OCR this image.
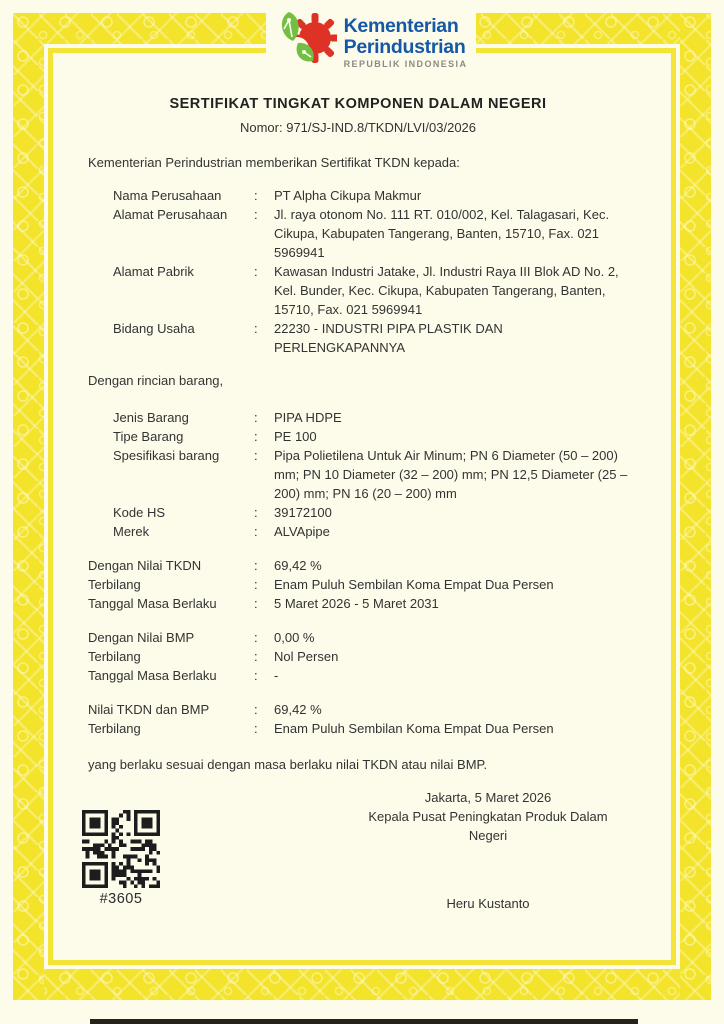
Kementerian
Perindustrian
REPUBLIK INDONESIA
SERTIFIKAT TINGKAT KOMPONEN DALAM NEGERI
Nomor: 971/SJ-IND.8/TKDN/LVI/03/2026
Kementerian Perindustrian memberikan Sertifikat TKDN kepada:
Nama Perusahaan	:	PT Alpha Cikupa Makmur
Alamat Perusahaan	:	Jl. raya otonom No. 111 RT. 010/002, Kel. Talagasari, Kec. Cikupa, Kabupaten Tangerang, Banten, 15710, Fax. 021 5969941
Alamat Pabrik	:	Kawasan Industri Jatake, Jl. Industri Raya III Blok AD No. 2, Kel. Bunder, Kec. Cikupa, Kabupaten Tangerang, Banten, 15710, Fax. 021 5969941
Bidang Usaha	:	22230 - INDUSTRI PIPA PLASTIK DAN PERLENGKAPANNYA
Dengan rincian barang,
Jenis Barang	:	PIPA HDPE
Tipe Barang	:	PE 100
Spesifikasi barang	:	Pipa Polietilena Untuk Air Minum; PN 6 Diameter (50 – 200) mm; PN 10 Diameter (32 – 200) mm; PN 12,5 Diameter (25 – 200) mm; PN 16 (20 – 200) mm
Kode HS	:	39172100
Merek	:	ALVApipe
Dengan Nilai TKDN	:	69,42 %
Terbilang	:	Enam Puluh Sembilan Koma Empat Dua Persen
Tanggal Masa Berlaku	:	5 Maret 2026 - 5 Maret 2031
Dengan Nilai BMP	:	0,00 %
Terbilang	:	Nol Persen
Tanggal Masa Berlaku	:	-
Nilai TKDN dan BMP	:	69,42 %
Terbilang	:	Enam Puluh Sembilan Koma Empat Dua Persen
yang berlaku sesuai dengan masa berlaku nilai TKDN atau nilai BMP.
#3605
Jakarta, 5 Maret 2026
Kepala Pusat Peningkatan Produk Dalam Negeri
Heru Kustanto
